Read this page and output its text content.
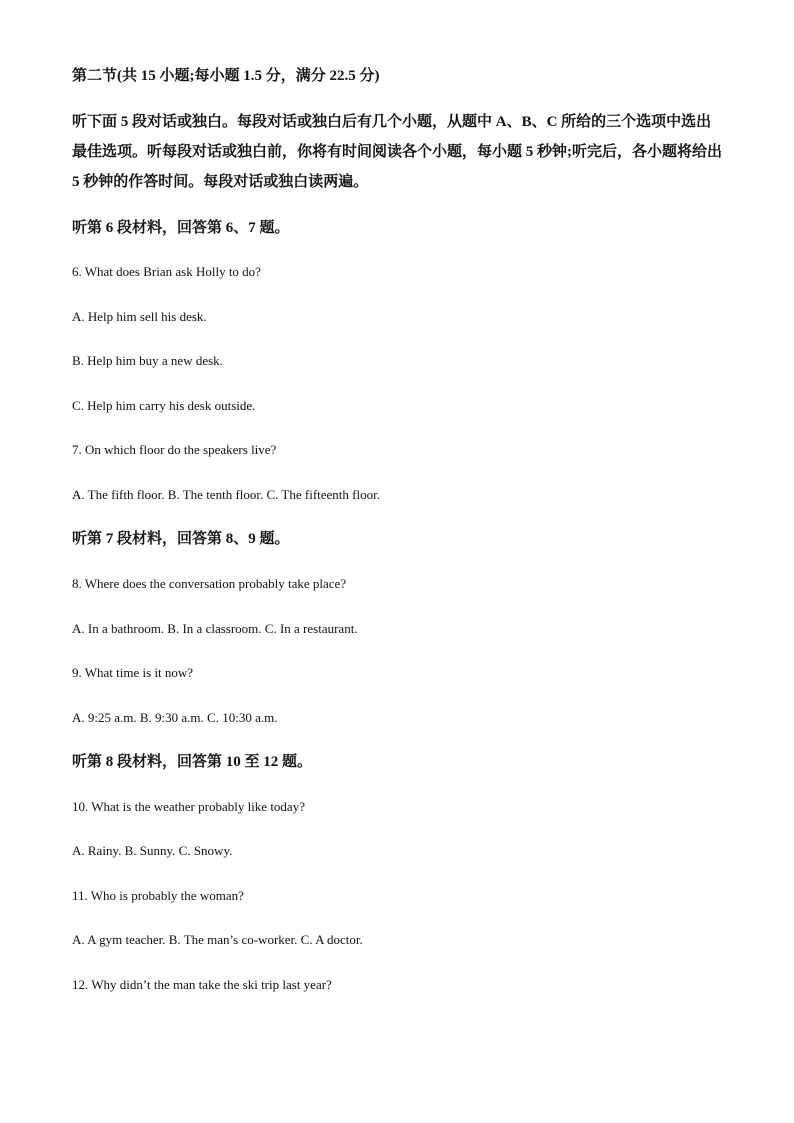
第二节(共 15 小题;每小题 1.5 分，满分 22.5 分)
听下面 5 段对话或独白。每段对话或独白后有几个小题，从题中 A、B、C 所给的三个选项中选出最佳选项。听每段对话或独白前，你将有时间阅读各个小题，每小题 5 秒钟;听完后，各小题将给出 5 秒钟的作答时间。每段对话或独白读两遍。
听第 6 段材料，回答第 6、7 题。
6. What does Brian ask Holly to do?
A. Help him sell his desk.
B. Help him buy a new desk.
C. Help him carry his desk outside.
7. On which floor do the speakers live?
A. The fifth floor. B. The tenth floor. C. The fifteenth floor.
听第 7 段材料，回答第 8、9 题。
8. Where does the conversation probably take place?
A. In a bathroom. B. In a classroom. C. In a restaurant.
9. What time is it now?
A. 9:25 a.m. B. 9:30 a.m. C. 10:30 a.m.
听第 8 段材料，回答第 10 至 12 题。
10. What is the weather probably like today?
A. Rainy. B. Sunny. C. Snowy.
11. Who is probably the woman?
A. A gym teacher. B. The man’s co-worker. C. A doctor.
12. Why didn’t the man take the ski trip last year?
